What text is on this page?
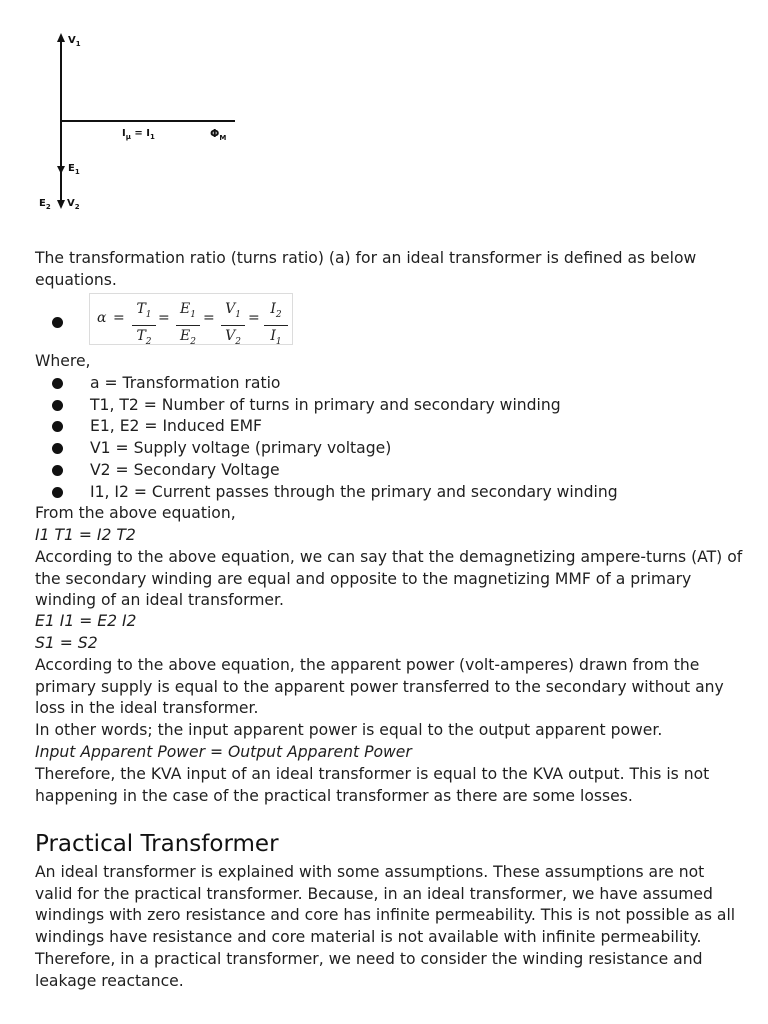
$V_1$
$I_\mu = I_1$	$\Phi_M$
$E_1$
$E_2$ $V_2$

The transformation ratio (turns ratio) (a) for an ideal transformer is defined as below equations.

$\alpha = \frac{T_1}{T_2} = \frac{E_1}{E_2} = \frac{V_1}{V_2} = \frac{I_2}{I_1}$

Where,

a = Transformation ratio
T1, T2 = Number of turns in primary and secondary winding
E1, E2 = Induced EMF
V1 = Supply voltage (primary voltage)
V2 = Secondary Voltage
I1, I2 = Current passes through the primary and secondary winding

From the above equation,

I1 T1 = I2 T2

According to the above equation, we can say that the demagnetizing ampere-turns (AT) of the secondary winding are equal and opposite to the magnetizing MMF of a primary winding of an ideal transformer.

E1 I1 = E2 I2

S1 = S2

According to the above equation, the apparent power (volt-amperes) drawn from the primary supply is equal to the apparent power transferred to the secondary without any loss in the ideal transformer.

In other words; the input apparent power is equal to the output apparent power.

Input Apparent Power = Output Apparent Power

Therefore, the KVA input of an ideal transformer is equal to the KVA output. This is not happening in the case of the practical transformer as there are some losses.

Practical Transformer

An ideal transformer is explained with some assumptions. These assumptions are not valid for the practical transformer. Because, in an ideal transformer, we have assumed windings with zero resistance and core has infinite permeability. This is not possible as all windings have resistance and core material is not available with infinite permeability.

Therefore, in a practical transformer, we need to consider the winding resistance and leakage reactance.
